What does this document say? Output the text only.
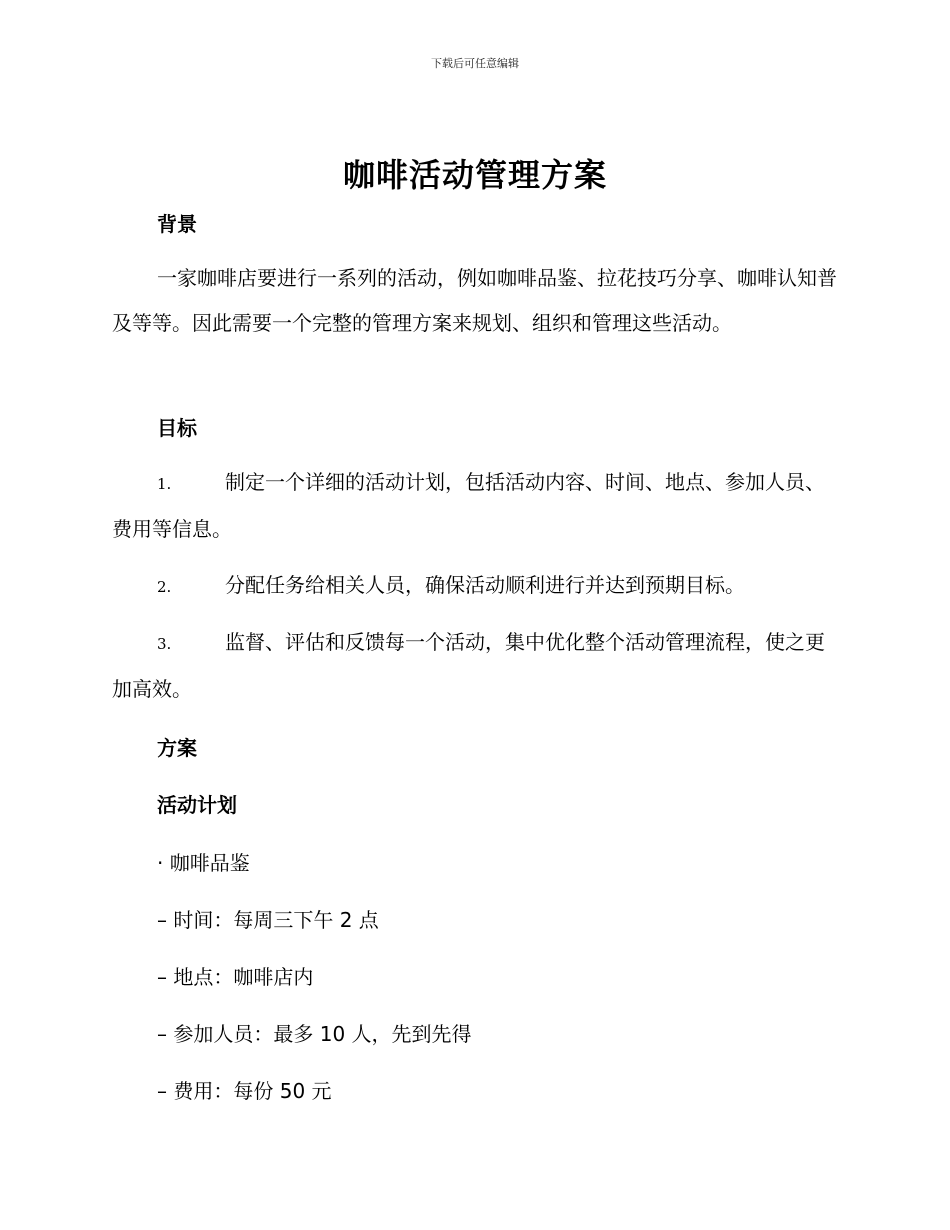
下载后可任意编辑
咖啡活动管理方案
背景

一家咖啡店要进行一系列的活动，例如咖啡品鉴、拉花技巧分享、咖啡认知普及等等。因此需要一个完整的管理方案来规划、组织和管理这些活动。

目标

1.	制定一个详细的活动计划，包括活动内容、时间、地点、参加人员、费用等信息。

2.	分配任务给相关人员，确保活动顺利进行并达到预期目标。

3.	监督、评估和反馈每一个活动，集中优化整个活动管理流程，使之更加高效。

方案
活动计划

· 咖啡品鉴

– 时间：每周三下午 2 点

– 地点：咖啡店内

– 参加人员：最多 10 人，先到先得

– 费用：每份 50 元
